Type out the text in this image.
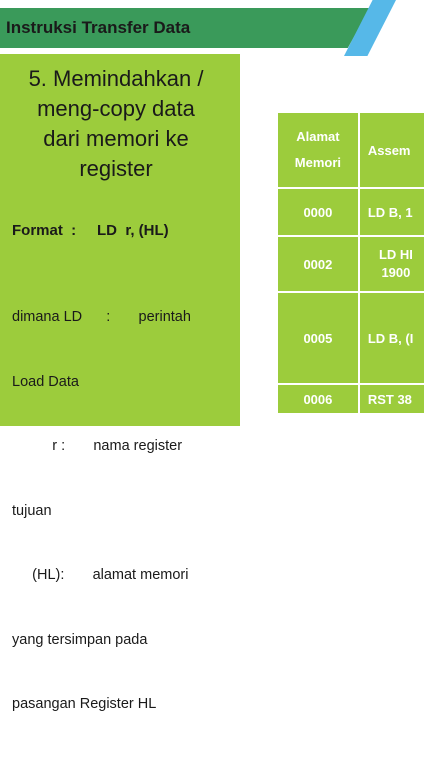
Instruksi Transfer Data
5. Memindahkan /
meng-copy data
dari memori ke
register
Format  :     LD  r, (HL)

dimana LD      :       perintah

Load Data

r :       nama register

tujuan

(HL):       alamat memori

yang tersimpan pada

pasangan Register HL

Alamat
Memori	Assem
0000	LD B, 1
0002	LD HI
1900
0005	LD B, (I
0006	RST 38
